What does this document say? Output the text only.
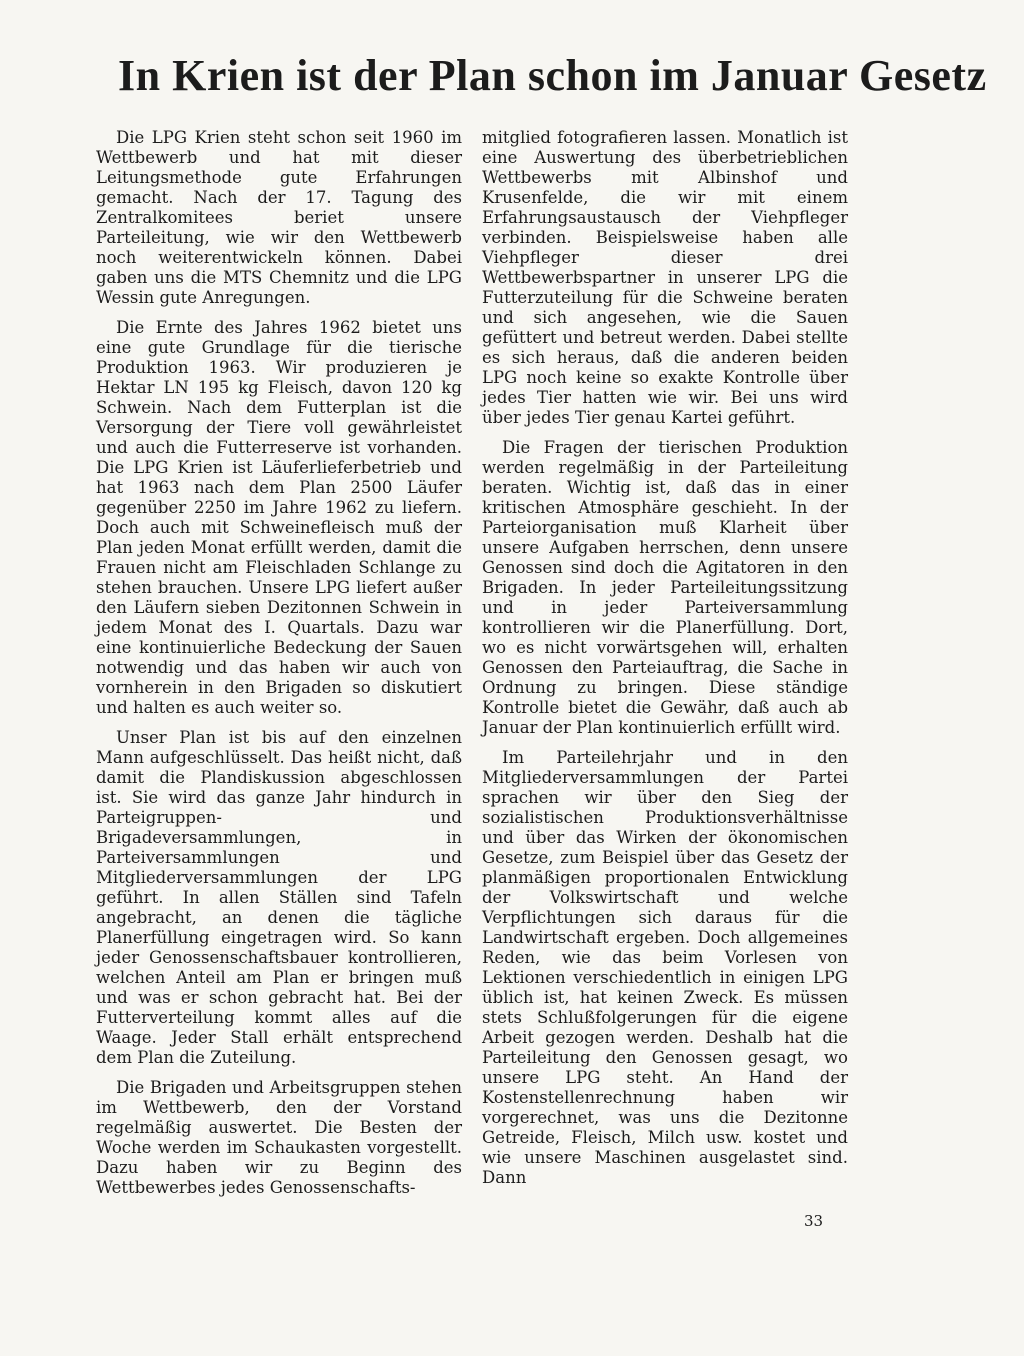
In Krien ist der Plan schon im Januar Gesetz

Die LPG Krien steht schon seit 1960 im Wettbewerb und hat mit dieser Leitungsmethode gute Erfahrungen gemacht. Nach der 17. Tagung des Zentralkomitees beriet unsere Parteileitung, wie wir den Wettbewerb noch weiterentwickeln können. Dabei gaben uns die MTS Chemnitz und die LPG Wessin gute Anregungen.

Die Ernte des Jahres 1962 bietet uns eine gute Grundlage für die tierische Produktion 1963. Wir produzieren je Hektar LN 195 kg Fleisch, davon 120 kg Schwein. Nach dem Futterplan ist die Versorgung der Tiere voll gewährleistet und auch die Futterreserve ist vorhanden. Die LPG Krien ist Läuferlieferbetrieb und hat 1963 nach dem Plan 2500 Läufer gegenüber 2250 im Jahre 1962 zu liefern. Doch auch mit Schweinefleisch muß der Plan jeden Monat erfüllt werden, damit die Frauen nicht am Fleischladen Schlange zu stehen brauchen. Unsere LPG liefert außer den Läufern sieben Dezitonnen Schwein in jedem Monat des I. Quartals. Dazu war eine kontinuierliche Bedeckung der Sauen notwendig und das haben wir auch von vornherein in den Brigaden so diskutiert und halten es auch weiter so.

Unser Plan ist bis auf den einzelnen Mann aufgeschlüsselt. Das heißt nicht, daß damit die Plandiskussion abgeschlossen ist. Sie wird das ganze Jahr hindurch in Parteigruppen- und Brigadeversammlungen, in Parteiversammlungen und Mitgliederversammlungen der LPG geführt. In allen Ställen sind Tafeln angebracht, an denen die tägliche Planerfüllung eingetragen wird. So kann jeder Genossenschaftsbauer kontrollieren, welchen Anteil am Plan er bringen muß und was er schon gebracht hat. Bei der Futterverteilung kommt alles auf die Waage. Jeder Stall erhält entsprechend dem Plan die Zuteilung.

Die Brigaden und Arbeitsgruppen stehen im Wettbewerb, den der Vorstand regelmäßig auswertet. Die Besten der Woche werden im Schaukasten vorgestellt. Dazu haben wir zu Beginn des Wettbewerbes jedes Genossenschafts-

mitglied fotografieren lassen. Monatlich ist eine Auswertung des überbetrieblichen Wettbewerbs mit Albinshof und Krusenfelde, die wir mit einem Erfahrungsaustausch der Viehpfleger verbinden. Beispielsweise haben alle Viehpfleger dieser drei Wettbewerbspartner in unserer LPG die Futterzuteilung für die Schweine beraten und sich angesehen, wie die Sauen gefüttert und betreut werden. Dabei stellte es sich heraus, daß die anderen beiden LPG noch keine so exakte Kontrolle über jedes Tier hatten wie wir. Bei uns wird über jedes Tier genau Kartei geführt.

Die Fragen der tierischen Produktion werden regelmäßig in der Parteileitung beraten. Wichtig ist, daß das in einer kritischen Atmosphäre geschieht. In der Parteiorganisation muß Klarheit über unsere Aufgaben herrschen, denn unsere Genossen sind doch die Agitatoren in den Brigaden. In jeder Parteileitungssitzung und in jeder Parteiversammlung kontrollieren wir die Planerfüllung. Dort, wo es nicht vorwärtsgehen will, erhalten Genossen den Parteiauftrag, die Sache in Ordnung zu bringen. Diese ständige Kontrolle bietet die Gewähr, daß auch ab Januar der Plan kontinuierlich erfüllt wird.

Im Parteilehrjahr und in den Mitgliederversammlungen der Partei sprachen wir über den Sieg der sozialistischen Produktionsverhältnisse und über das Wirken der ökonomischen Gesetze, zum Beispiel über das Gesetz der planmäßigen proportionalen Entwicklung der Volkswirtschaft und welche Verpflichtungen sich daraus für die Landwirtschaft ergeben. Doch allgemeines Reden, wie das beim Vorlesen von Lektionen verschiedentlich in einigen LPG üblich ist, hat keinen Zweck. Es müssen stets Schlußfolgerungen für die eigene Arbeit gezogen werden. Deshalb hat die Parteileitung den Genossen gesagt, wo unsere LPG steht. An Hand der Kostenstellenrechnung haben wir vorgerechnet, was uns die Dezitonne Getreide, Fleisch, Milch usw. kostet und wie unsere Maschinen ausgelastet sind. Dann

33
